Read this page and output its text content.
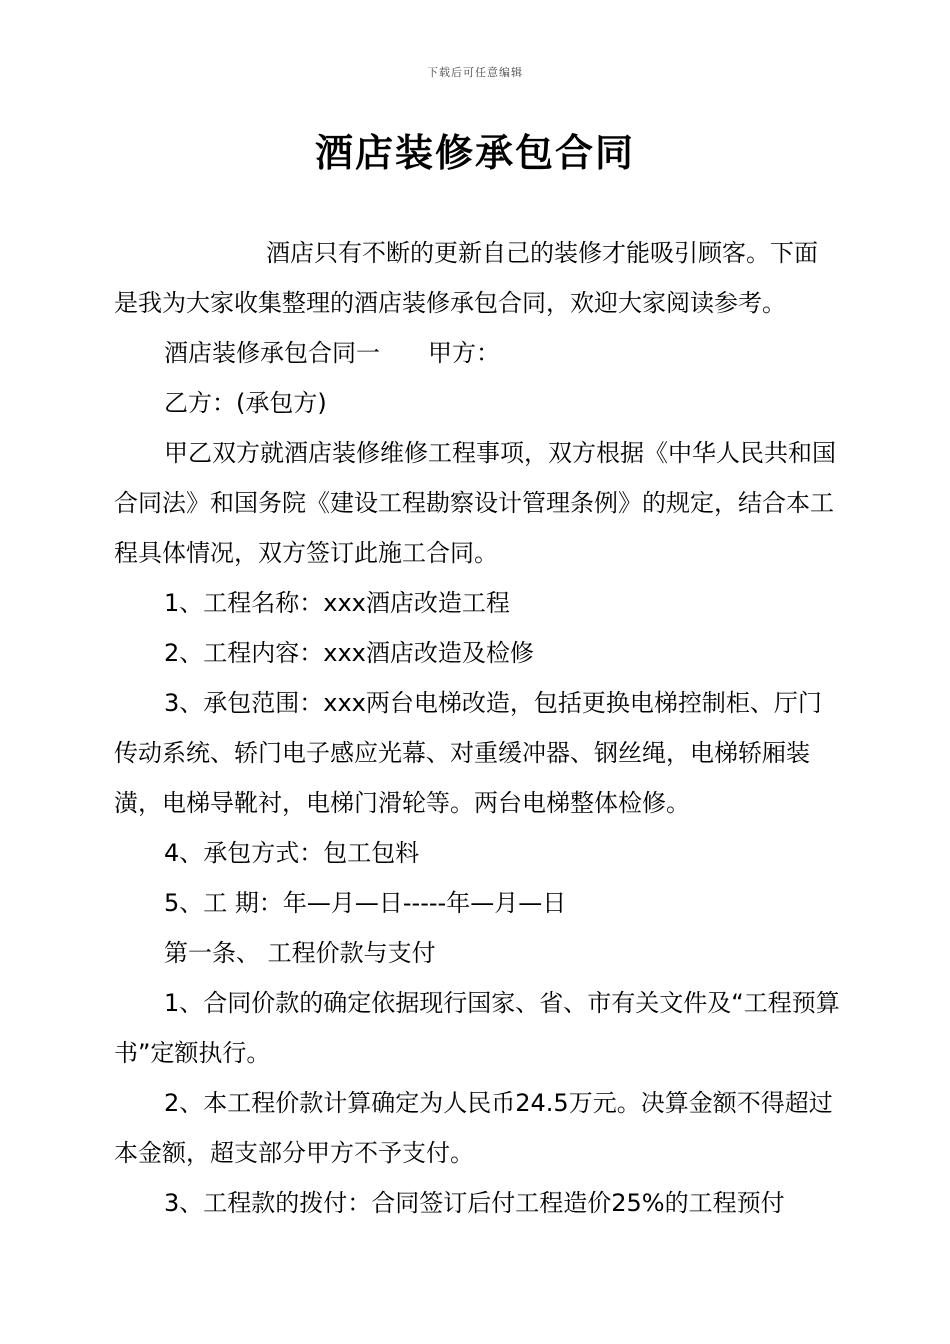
下载后可任意编辑
酒店装修承包合同

酒店只有不断的更新自己的装修才能吸引顾客。下面是我为大家收集整理的酒店装修承包合同，欢迎大家阅读参考。

酒店装修承包合同一　　甲方：

乙方：(承包方)

甲乙双方就酒店装修维修工程事项，双方根据《中华人民共和国合同法》和国务院《建设工程勘察设计管理条例》的规定，结合本工程具体情况，双方签订此施工合同。

1、工程名称：xxx酒店改造工程

2、工程内容：xxx酒店改造及检修

3、承包范围：xxx两台电梯改造，包括更换电梯控制柜、厅门传动系统、轿门电子感应光幕、对重缓冲器、钢丝绳，电梯轿厢装潢，电梯导靴衬，电梯门滑轮等。两台电梯整体检修。

4、承包方式：包工包料

5、工 期：年—月—日-----年—月—日

第一条、 工程价款与支付

1、合同价款的确定依据现行国家、省、市有关文件及“工程预算书”定额执行。

2、本工程价款计算确定为人民币24.5万元。决算金额不得超过本金额，超支部分甲方不予支付。

3、工程款的拨付：合同签订后付工程造价25%的工程预付
